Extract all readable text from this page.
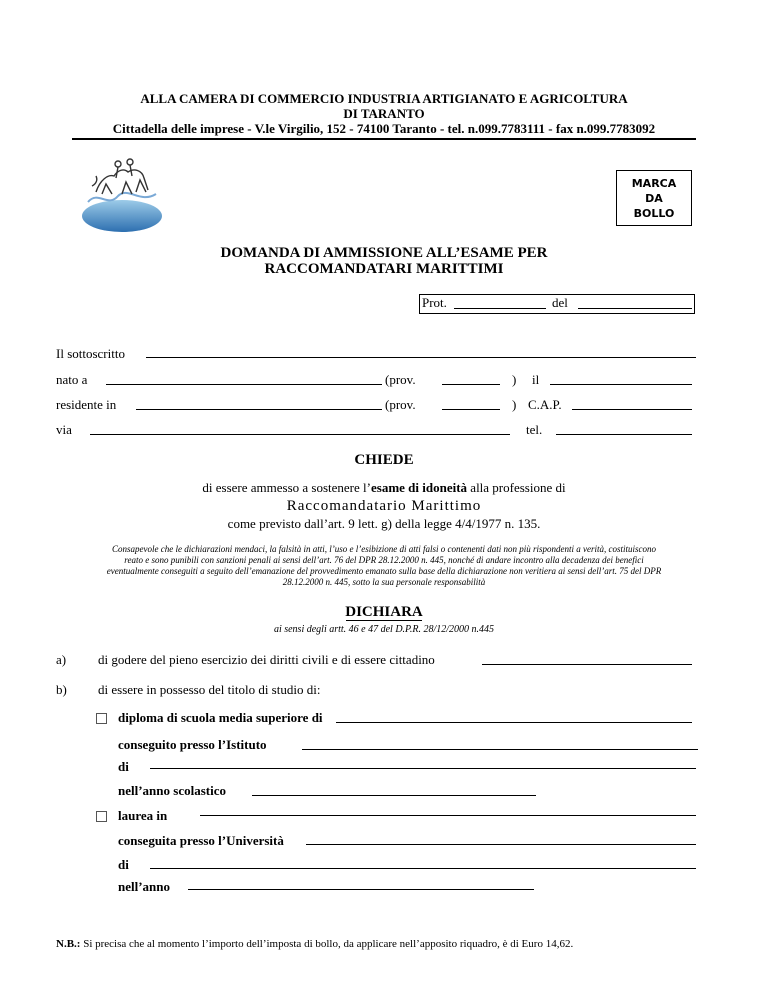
ALLA CAMERA DI COMMERCIO INDUSTRIA ARTIGIANATO E AGRICOLTURA
DI TARANTO
Cittadella delle imprese - V.le Virgilio, 152 - 74100 Taranto - tel. n.099.7783111 - fax n.099.7783092
MARCA
DA
BOLLO
DOMANDA DI AMMISSIONE ALL’ESAME PER
RACCOMANDATARI MARITTIMI
Prot.	del
Il sottoscritto
nato a	(prov.	) il
residente in	(prov.	) C.A.P.
via	tel.
CHIEDE
di essere ammesso a sostenere l’esame di idoneità alla professione di
Raccomandatario Marittimo
come previsto dall’art. 9 lett. g) della legge 4/4/1977 n. 135.
Consapevole che le dichiarazioni mendaci, la falsità in atti, l’uso e l’esibizione di atti falsi o contenenti dati non più rispondenti a verità, costituiscono
reato e sono punibili con sanzioni penali ai sensi dell’art. 76 del DPR 28.12.2000 n. 445, nonché di andare incontro alla decadenza dei benefici
eventualmente conseguiti a seguito dell’emanazione del provvedimento emanato sulla base della dichiarazione non veritiera ai sensi dell’art. 75 del DPR
28.12.2000 n. 445, sotto la sua personale responsabilità
DICHIARA
ai sensi degli artt. 46 e 47 del D.P.R. 28/12/2000 n.445
a) di godere del pieno esercizio dei diritti civili e di essere cittadino
b) di essere in possesso del titolo di studio di:
diploma di scuola media superiore di
conseguito presso l’Istituto
di
nell’anno scolastico
laurea in
conseguita presso l’Università
di
nell’anno
N.B.: Si precisa che al momento l’importo dell’imposta di bollo, da applicare nell’apposito riquadro, è di Euro 14,62.
